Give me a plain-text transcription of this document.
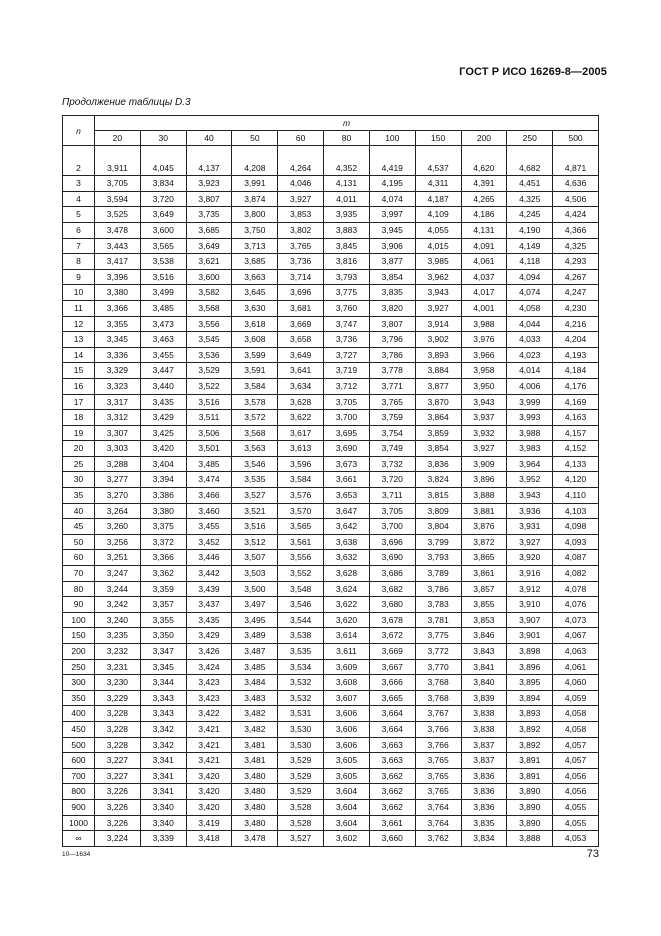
ГОСТ Р ИСО 16269-8—2005
Продолжение таблицы D.3
n	m										
	20	30	40	50	60	80	100	150	200	250	500

2	3,911	4,045	4,137	4,208	4,264	4,352	4,419	4,537	4,620	4,682	4,871
3	3,705	3,834	3,923	3,991	4,046	4,131	4,195	4,311	4,391	4,451	4,636
4	3,594	3,720	3,807	3,874	3,927	4,011	4,074	4,187	4,265	4,325	4,506
5	3,525	3,649	3,735	3,800	3,853	3,935	3,997	4,109	4,186	4,245	4,424
6	3,478	3,600	3,685	3,750	3,802	3,883	3,945	4,055	4,131	4,190	4,366
7	3,443	3,565	3,649	3,713	3,765	3,845	3,906	4,015	4,091	4,149	4,325
8	3,417	3,538	3,621	3,685	3,736	3,816	3,877	3,985	4,061	4,118	4,293
9	3,396	3,516	3,600	3,663	3,714	3,793	3,854	3,962	4,037	4,094	4,267
10	3,380	3,499	3,582	3,645	3,696	3,775	3,835	3,943	4,017	4,074	4,247
11	3,366	3,485	3,568	3,630	3,681	3,760	3,820	3,927	4,001	4,058	4,230
12	3,355	3,473	3,556	3,618	3,669	3,747	3,807	3,914	3,988	4,044	4,216
13	3,345	3,463	3,545	3,608	3,658	3,736	3,796	3,902	3,976	4,033	4,204
14	3,336	3,455	3,536	3,599	3,649	3,727	3,786	3,893	3,966	4,023	4,193
15	3,329	3,447	3,529	3,591	3,641	3,719	3,778	3,884	3,958	4,014	4,184
16	3,323	3,440	3,522	3,584	3,634	3,712	3,771	3,877	3,950	4,006	4,176
17	3,317	3,435	3,516	3,578	3,628	3,705	3,765	3,870	3,943	3,999	4,169
18	3,312	3,429	3,511	3,572	3,622	3,700	3,759	3,864	3,937	3,993	4,163
19	3,307	3,425	3,506	3,568	3,617	3,695	3,754	3,859	3,932	3,988	4,157
20	3,303	3,420	3,501	3,563	3,613	3,690	3,749	3,854	3,927	3,983	4,152
25	3,288	3,404	3,485	3,546	3,596	3,673	3,732	3,836	3,909	3,964	4,133
30	3,277	3,394	3,474	3,535	3,584	3,661	3,720	3,824	3,896	3,952	4,120
35	3,270	3,386	3,466	3,527	3,576	3,653	3,711	3,815	3,888	3,943	4,110
40	3,264	3,380	3,460	3,521	3,570	3,647	3,705	3,809	3,881	3,936	4,103
45	3,260	3,375	3,455	3,516	3,565	3,642	3,700	3,804	3,876	3,931	4,098
50	3,256	3,372	3,452	3,512	3,561	3,638	3,696	3,799	3,872	3,927	4,093
60	3,251	3,366	3,446	3,507	3,556	3,632	3,690	3,793	3,865	3,920	4,087
70	3,247	3,362	3,442	3,503	3,552	3,628	3,686	3,789	3,861	3,916	4,082
80	3,244	3,359	3,439	3,500	3,548	3,624	3,682	3,786	3,857	3,912	4,078
90	3,242	3,357	3,437	3,497	3,546	3,622	3,680	3,783	3,855	3,910	4,076
100	3,240	3,355	3,435	3,495	3,544	3,620	3,678	3,781	3,853	3,907	4,073
150	3,235	3,350	3,429	3,489	3,538	3,614	3,672	3,775	3,846	3,901	4,067
200	3,232	3,347	3,426	3,487	3,535	3,611	3,669	3,772	3,843	3,898	4,063
250	3,231	3,345	3,424	3,485	3,534	3,609	3,667	3,770	3,841	3,896	4,061
300	3,230	3,344	3,423	3,484	3,532	3,608	3,666	3,768	3,840	3,895	4,060
350	3,229	3,343	3,423	3,483	3,532	3,607	3,665	3,768	3,839	3,894	4,059
400	3,228	3,343	3,422	3,482	3,531	3,606	3,664	3,767	3,838	3,893	4,058
450	3,228	3,342	3,421	3,482	3,530	3,606	3,664	3,766	3,838	3,892	4,058
500	3,228	3,342	3,421	3,481	3,530	3,606	3,663	3,766	3,837	3,892	4,057
600	3,227	3,341	3,421	3,481	3,529	3,605	3,663	3,765	3,837	3,891	4,057
700	3,227	3,341	3,420	3,480	3,529	3,605	3,662	3,765	3,836	3,891	4,056
800	3,226	3,341	3,420	3,480	3,529	3,604	3,662	3,765	3,836	3,890	4,056
900	3,226	3,340	3,420	3,480	3,528	3,604	3,662	3,764	3,836	3,890	4,055
1000	3,226	3,340	3,419	3,480	3,528	3,604	3,661	3,764	3,835	3,890	4,055
∞	3,224	3,339	3,418	3,478	3,527	3,602	3,660	3,762	3,834	3,888	4,053
10—1634	73
